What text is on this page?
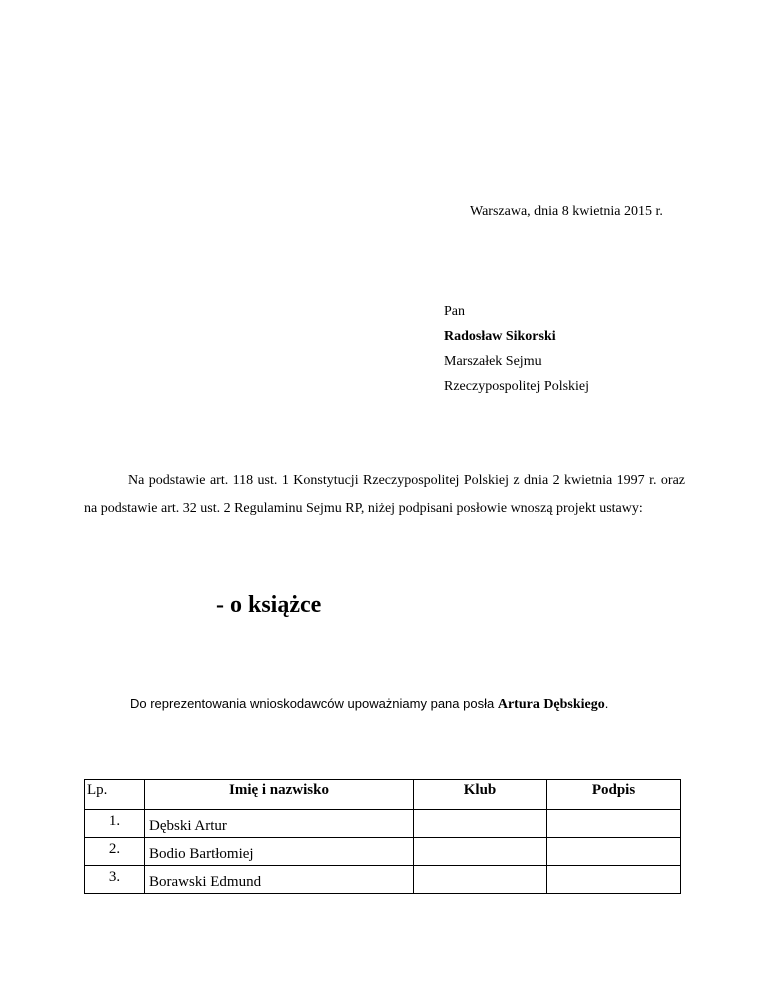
Warszawa, dnia 8 kwietnia 2015 r.
Pan
Radosław Sikorski
Marszałek Sejmu
Rzeczypospolitej Polskiej

Na podstawie art. 118 ust. 1 Konstytucji Rzeczypospolitej Polskiej z dnia 2 kwietnia 1997 r. oraz na podstawie art. 32 ust. 2 Regulaminu Sejmu RP, niżej podpisani posłowie wnoszą projekt ustawy:

- o książce
Do reprezentowania wnioskodawców upoważniamy pana posła Artura Dębskiego.
Lp.	Imię i nazwisko	Klub	Podpis
1.	Dębski Artur		
2.	Bodio Bartłomiej		
3.	Borawski Edmund		
